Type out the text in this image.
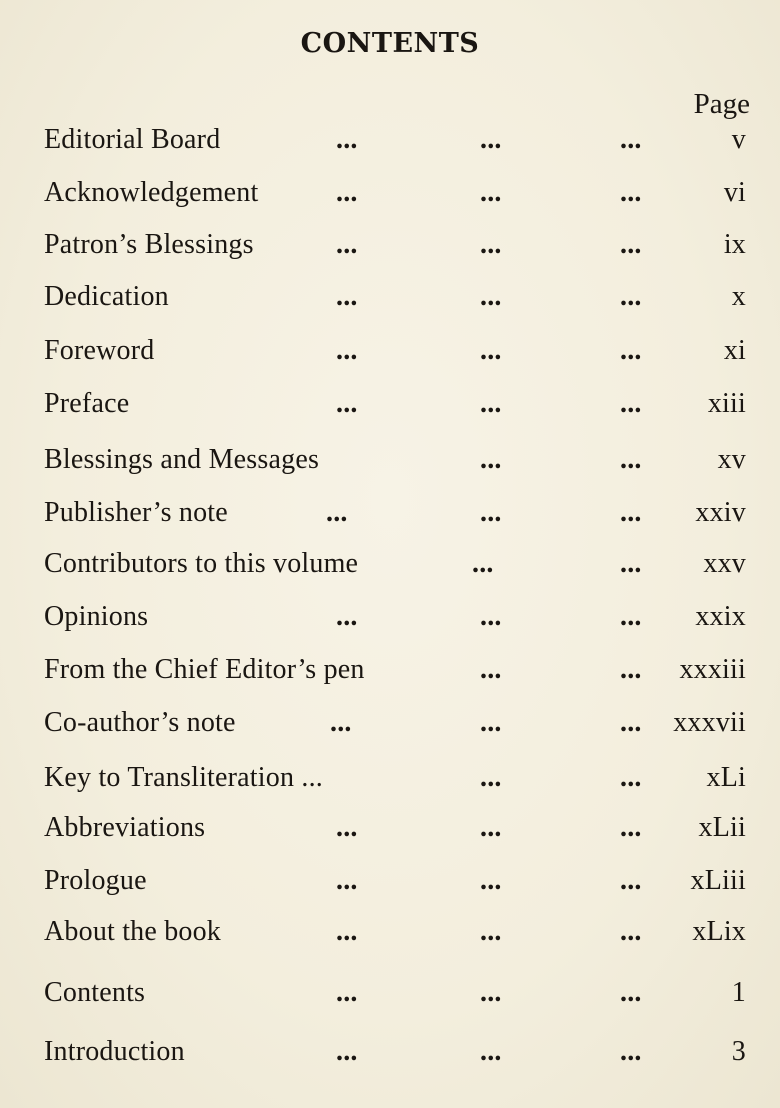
CONTENTS
Page
Editorial Board	...	...	...	v
Acknowledgement	...	...	...	vi
Patron’s Blessings	...	...	...	ix
Dedication	...	...	...	x
Foreword	...	...	...	xi
Preface	...	...	... xiii
Blessings and Messages	...	...	xv
Publisher’s note	...	...	... xxiv
Contributors to this volume	...	... xxv
Opinions	...	...	... xxix
From the Chief Editor’s pen	...	... xxxiii
Co-author’s note	...	...	... xxxvii
Key to Transliteration ...	...	... xLi
Abbreviations	...	...	... xLii
Prologue	...	...	... xLiii
About the book	...	...	... xLix
Contents	...	...	...	1
Introduction	...	...	...	3
